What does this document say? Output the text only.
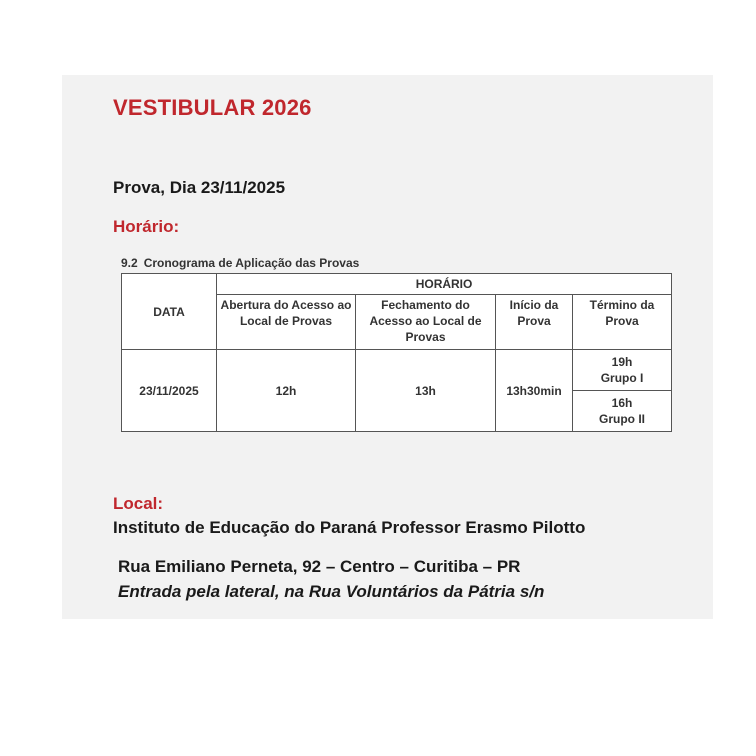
VESTIBULAR 2026
Prova, Dia 23/11/2025
Horário:
9.2 Cronograma de Aplicação das Provas
DATA	HORÁRIO			
	Abertura do Acesso ao Local de Provas	Fechamento do Acesso ao Local de Provas	Início da Prova	Término da Prova
23/11/2025	12h	13h	13h30min	19h
Grupo I

				16h
Grupo II
Local:
Instituto de Educação do Paraná Professor Erasmo Pilotto
Rua Emiliano Perneta, 92 – Centro – Curitiba – PR
Entrada pela lateral, na Rua Voluntários da Pátria s/n
